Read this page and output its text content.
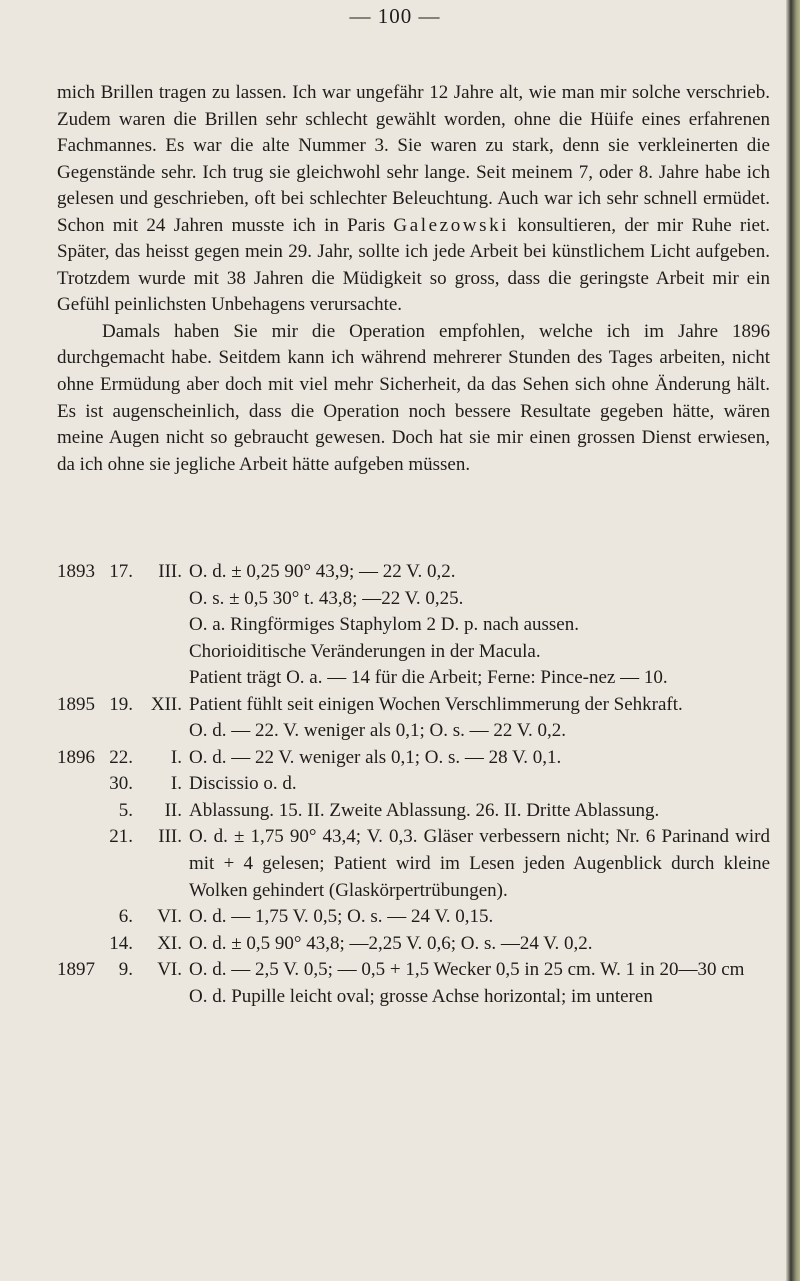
— 100 —

mich Brillen tragen zu lassen. Ich war ungefähr 12 Jahre alt, wie man mir solche verschrieb. Zudem waren die Brillen sehr schlecht gewählt worden, ohne die Hüife eines erfahrenen Fachmannes. Es war die alte Nummer 3. Sie waren zu stark, denn sie verkleinerten die Gegenstände sehr. Ich trug sie gleichwohl sehr lange. Seit meinem 7, oder 8. Jahre habe ich gelesen und geschrieben, oft bei schlechter Beleuchtung. Auch war ich sehr schnell ermüdet. Schon mit 24 Jahren musste ich in Paris Galezowski konsultieren, der mir Ruhe riet. Später, das heisst gegen mein 29. Jahr, sollte ich jede Arbeit bei künstlichem Licht aufgeben. Trotzdem wurde mit 38 Jahren die Müdigkeit so gross, dass die geringste Arbeit mir ein Gefühl peinlichsten Unbehagens verursachte.

Damals haben Sie mir die Operation empfohlen, welche ich im Jahre 1896 durchgemacht habe. Seitdem kann ich während mehrerer Stunden des Tages arbeiten, nicht ohne Ermüdung aber doch mit viel mehr Sicherheit, da das Sehen sich ohne Änderung hält. Es ist augenscheinlich, dass die Operation noch bessere Resultate gegeben hätte, wären meine Augen nicht so gebraucht gewesen. Doch hat sie mir einen grossen Dienst erwiesen, da ich ohne sie jegliche Arbeit hätte aufgeben müssen.

1893 17.	III. O. d. ± 0,25 90° 43,9; — 22 V. 0,2.
O. s. ± 0,5 30° t. 43,8; —22 V. 0,25.
O. a. Ringförmiges Staphylom 2 D. p. nach aussen.
Chorioiditische Veränderungen in der Macula.
Patient trägt O. a. — 14 für die Arbeit; Ferne: Pince-nez — 10.
1895 19. XII. Patient fühlt seit einigen Wochen Verschlimmerung der Sehkraft.
O. d. — 22. V. weniger als 0,1; O. s. — 22 V. 0,2.
1896 22.	I. O. d. — 22 V. weniger als 0,1; O. s. — 28 V. 0,1.
30.	I. Discissio o. d.
5.	II. Ablassung. 15. II. Zweite Ablassung. 26. II. Dritte Ablassung.
21.	III. O. d. ± 1,75 90° 43,4; V. 0,3. Gläser verbessern nicht; Nr. 6 Parinand wird mit + 4 gelesen; Patient wird im Lesen jeden Augenblick durch kleine Wolken gehindert (Glaskörpertrübungen).
6.	VI. O. d. — 1,75 V. 0,5; O. s. — 24 V. 0,15.
14.	XI. O. d. ± 0,5 90° 43,8; —2,25 V. 0,6; O. s. —24 V. 0,2.
1897	9.	VI. O. d. — 2,5 V. 0,5; — 0,5 + 1,5 Wecker 0,5 in 25 cm. W. 1 in 20—30 cm
O. d. Pupille leicht oval; grosse Achse horizontal; im unteren
